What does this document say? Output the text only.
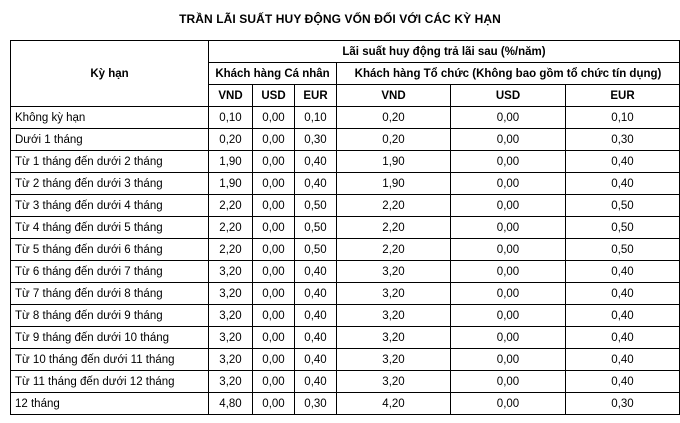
TRẦN LÃI SUẤT HUY ĐỘNG VỐN ĐỐI VỚI CÁC KỲ HẠN
Kỳ hạn	Lãi suất huy động trả lãi sau (%/năm)					
	Khách hàng Cá nhân			Khách hàng Tổ chức (Không bao gồm tổ chức tín dụng)		
	VND	USD	EUR	VND	USD	EUR
Không kỳ hạn	0,10	0,00	0,10	0,20	0,00	0,10
Dưới 1 tháng	0,20	0,00	0,30	0,20	0,00	0,30
Từ 1 tháng đến dưới 2 tháng	1,90	0,00	0,40	1,90	0,00	0,40
Từ 2 tháng đến dưới 3 tháng	1,90	0,00	0,40	1,90	0,00	0,40
Từ 3 tháng đến dưới 4 tháng	2,20	0,00	0,50	2,20	0,00	0,50
Từ 4 tháng đến dưới 5 tháng	2,20	0,00	0,50	2,20	0,00	0,50
Từ 5 tháng đến dưới 6 tháng	2,20	0,00	0,50	2,20	0,00	0,50
Từ 6 tháng đến dưới 7 tháng	3,20	0,00	0,40	3,20	0,00	0,40
Từ 7 tháng đến dưới 8 tháng	3,20	0,00	0,40	3,20	0,00	0,40
Từ 8 tháng đến dưới 9 tháng	3,20	0,00	0,40	3,20	0,00	0,40
Từ 9 tháng đến dưới 10 tháng	3,20	0,00	0,40	3,20	0,00	0,40
Từ 10 tháng đến dưới 11 tháng	3,20	0,00	0,40	3,20	0,00	0,40
Từ 11 tháng đến dưới 12 tháng	3,20	0,00	0,40	3,20	0,00	0,40
12 tháng	4,80	0,00	0,30	4,20	0,00	0,30
